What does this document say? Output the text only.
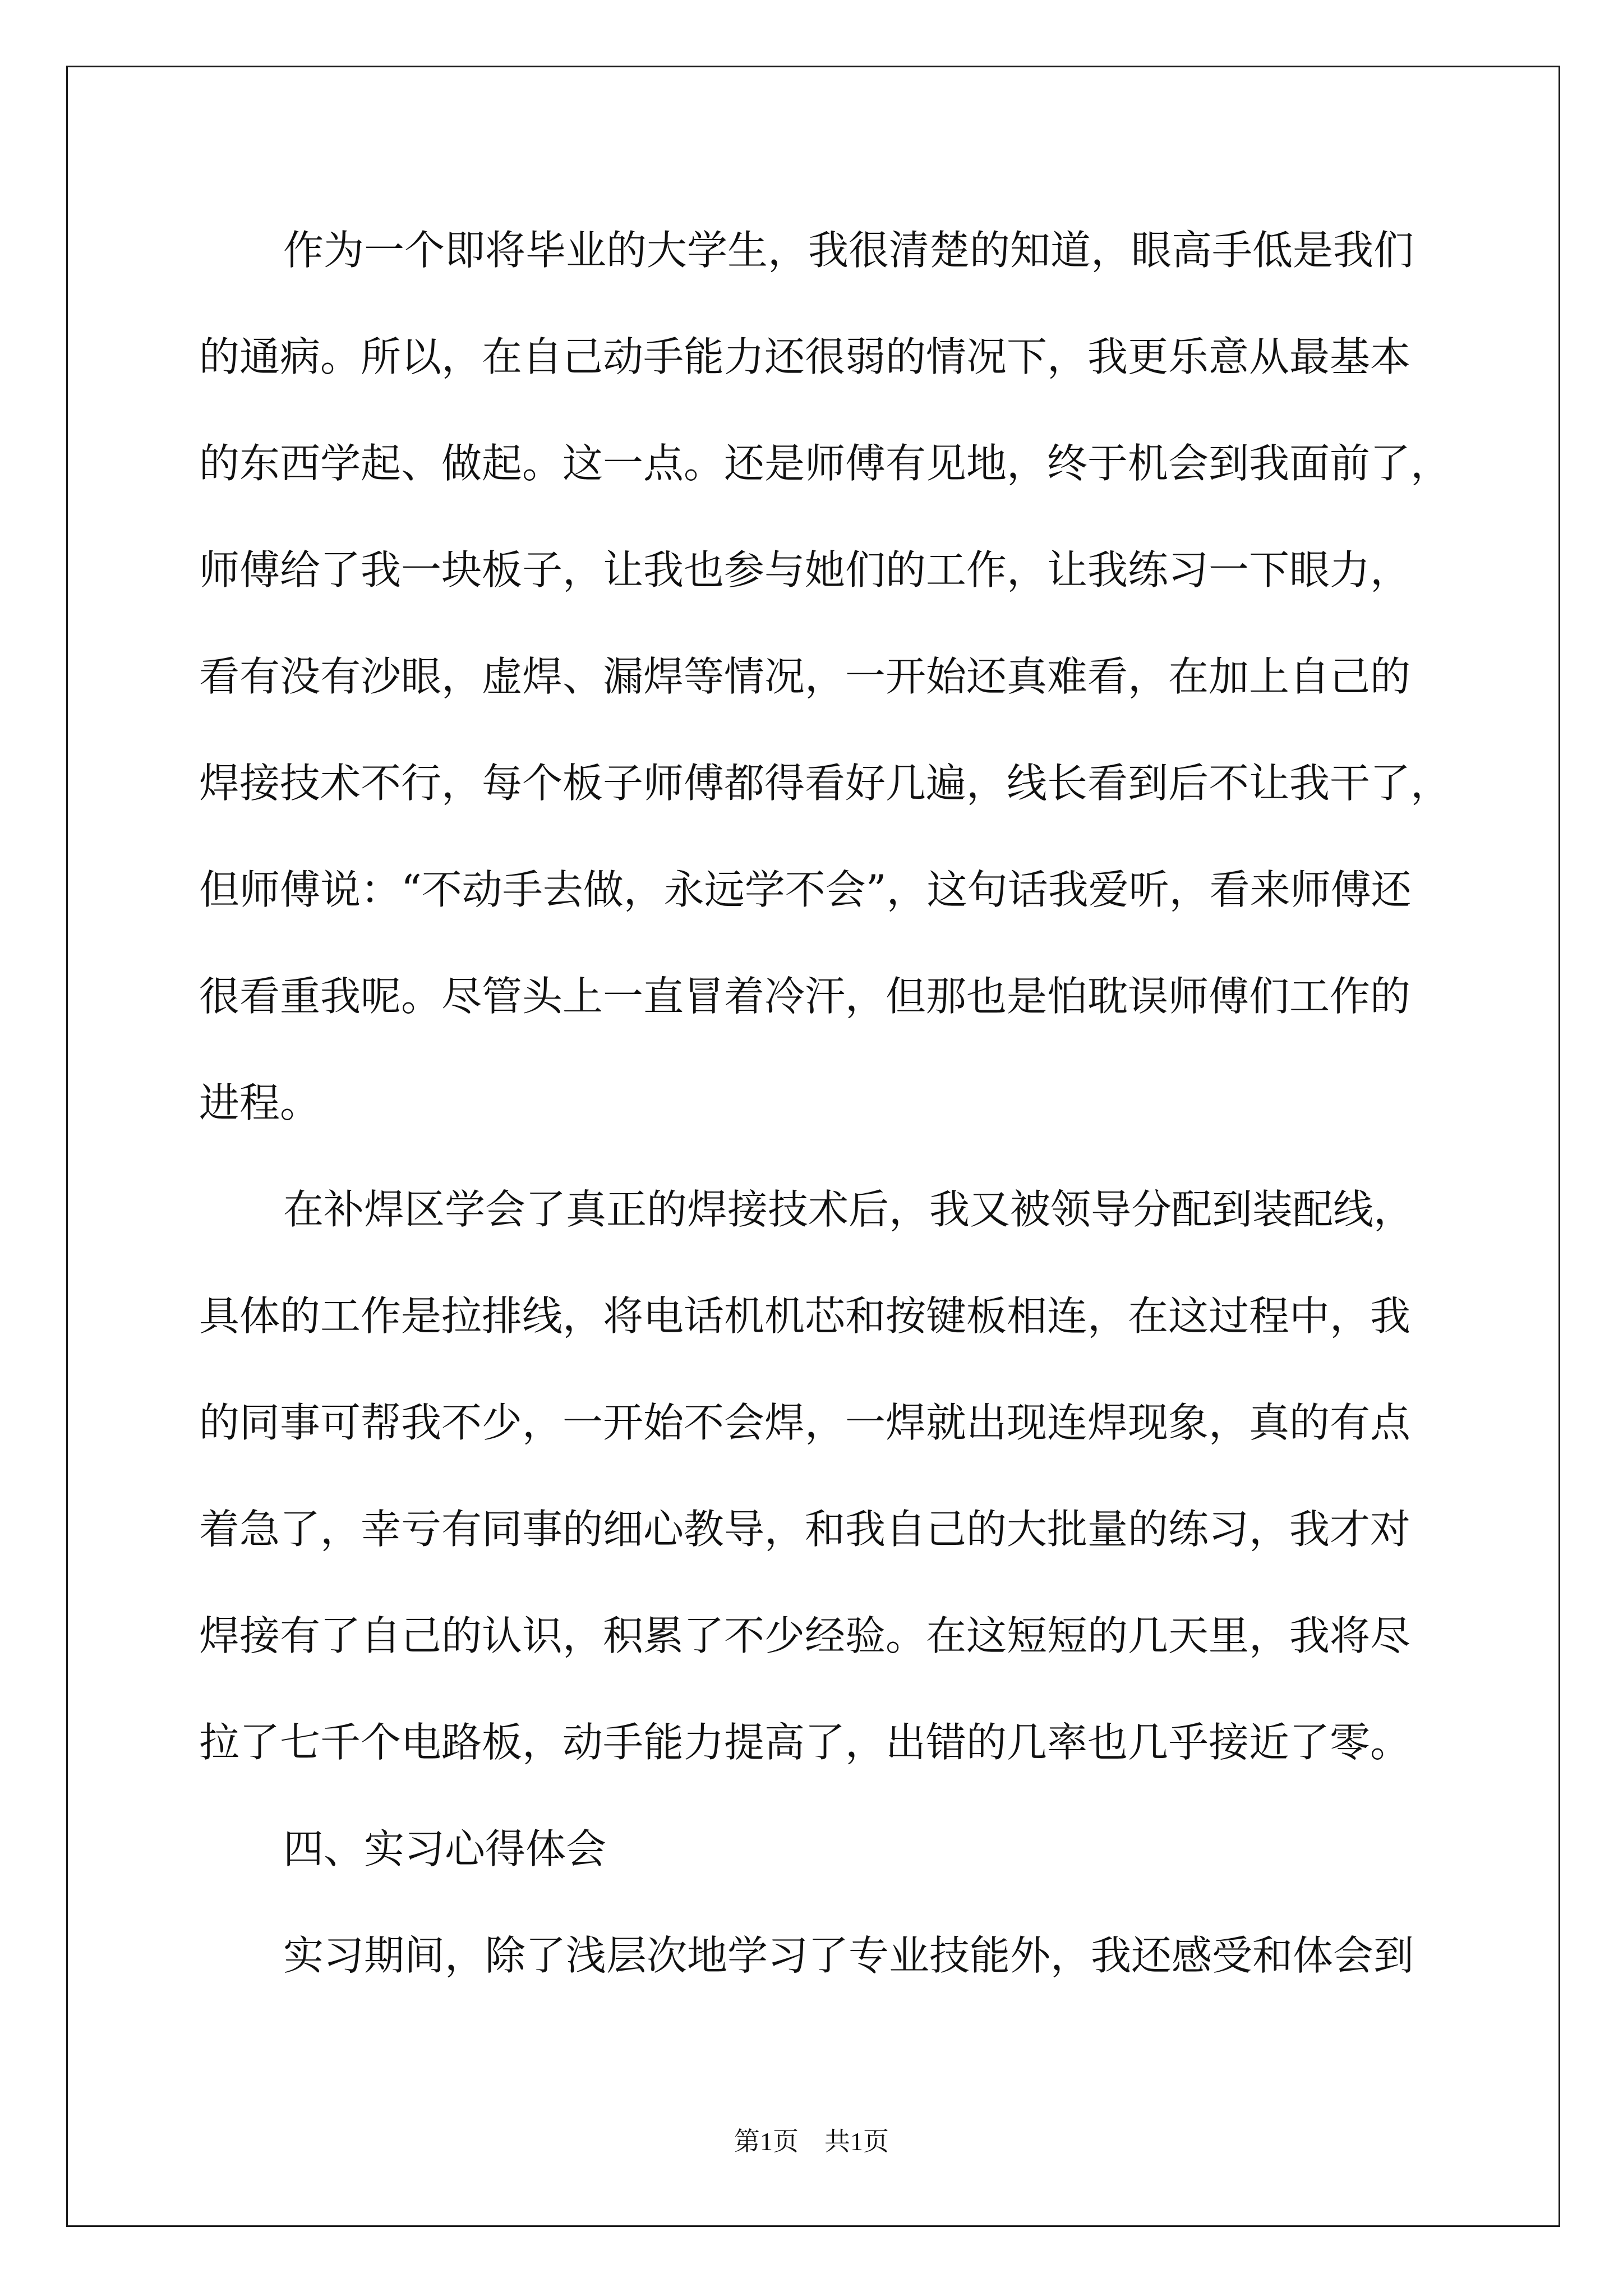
作为一个即将毕业的大学生，我很清楚的知道，眼高手低是我们

的通病。所以，在自己动手能力还很弱的情况下，我更乐意从最基本

的东西学起、做起。这一点。还是师傅有见地，终于机会到我面前了，

师傅给了我一块板子，让我也参与她们的工作，让我练习一下眼力，

看有没有沙眼，虚焊、漏焊等情况，一开始还真难看，在加上自己的

焊接技术不行，每个板子师傅都得看好几遍，线长看到后不让我干了，

但师傅说：“不动手去做，永远学不会”，这句话我爱听，看来师傅还

很看重我呢。尽管头上一直冒着冷汗，但那也是怕耽误师傅们工作的

进程。

在补焊区学会了真正的焊接技术后，我又被领导分配到装配线，

具体的工作是拉排线，将电话机机芯和按键板相连，在这过程中，我

的同事可帮我不少，一开始不会焊，一焊就出现连焊现象，真的有点

着急了，幸亏有同事的细心教导，和我自己的大批量的练习，我才对

焊接有了自己的认识，积累了不少经验。在这短短的几天里，我将尽

拉了七千个电路板，动手能力提高了，出错的几率也几乎接近了零。

四、实习心得体会

实习期间，除了浅层次地学习了专业技能外，我还感受和体会到

第1页 共1页
